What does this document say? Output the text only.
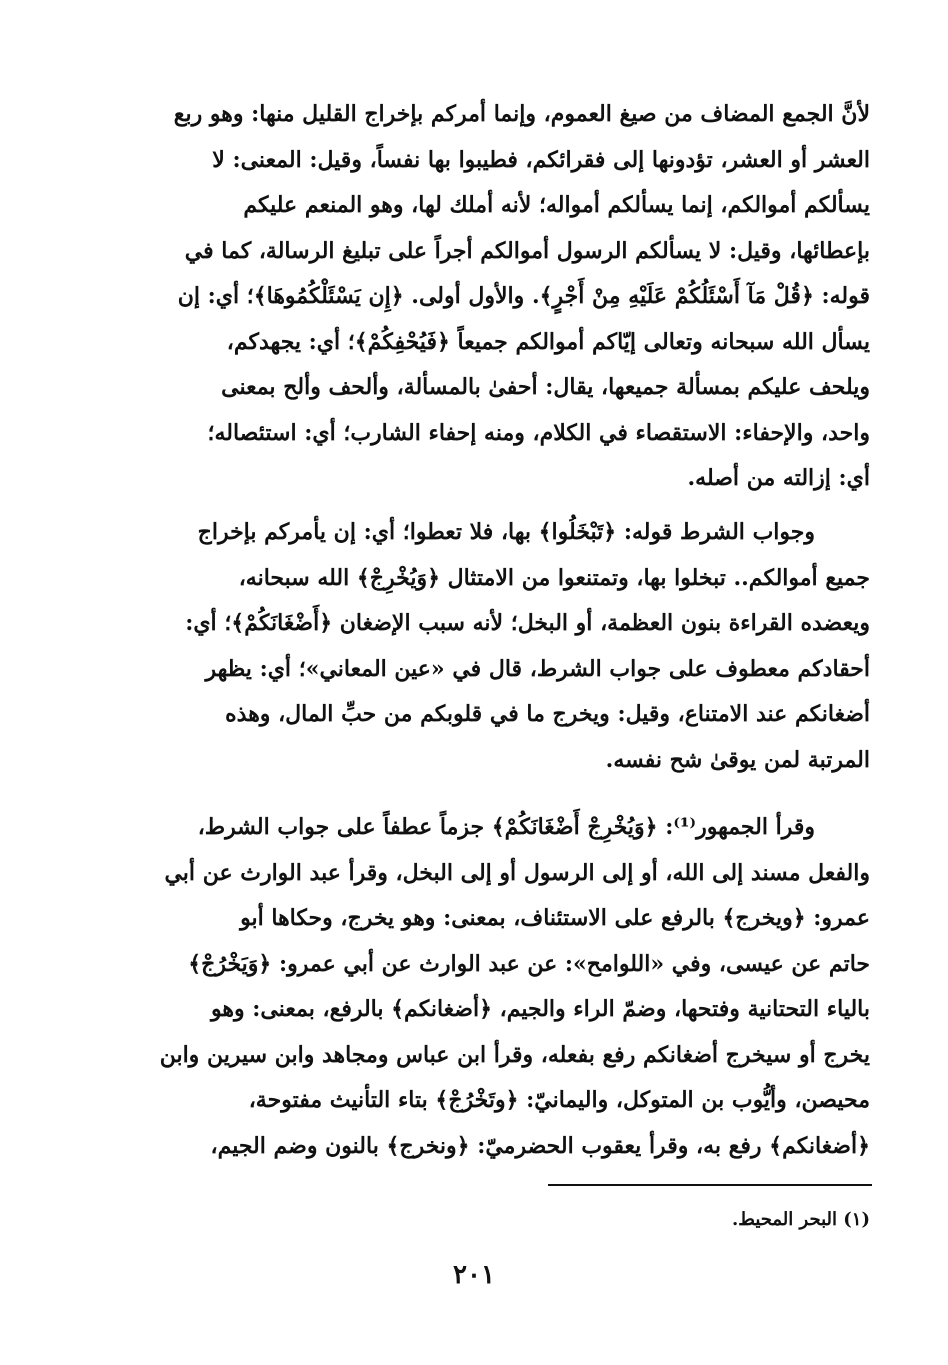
لأنَّ الجمع المضاف من صيغ العموم، وإنما أمركم بإخراج القليل منها: وهو ربع
العشر أو العشر، تؤدونها إلى فقرائكم، فطيبوا بها نفساً، وقيل: المعنى: لا
يسألكم أموالكم، إنما يسألكم أمواله؛ لأنه أملك لها، وهو المنعم عليكم
بإعطائها، وقيل: لا يسألكم الرسول أموالكم أجراً على تبليغ الرسالة، كما في
قوله: ﴿قُلْ مَآ أَسْئَلُكُمْ عَلَيْهِ مِنْ أَجْرٍ﴾. والأول أولى. ﴿إِن يَسْئَلْكُمُوهَا﴾؛ أي: إن
يسأل الله سبحانه وتعالى إيّاكم أموالكم جميعاً ﴿فَيُحْفِكُمْ﴾؛ أي: يجهدكم،
ويلحف عليكم بمسألة جميعها، يقال: أحفىٰ بالمسألة، وألحف وألح بمعنى
واحد، والإحفاء: الاستقصاء في الكلام، ومنه إحفاء الشارب؛ أي: استئصاله؛
أي: إزالته من أصله.

وجواب الشرط قوله: ﴿تَبْخَلُوا﴾ بها، فلا تعطوا؛ أي: إن يأمركم بإخراج
جميع أموالكم.. تبخلوا بها، وتمتنعوا من الامتثال ﴿وَيُخْرِجْ﴾ الله سبحانه،
ويعضده القراءة بنون العظمة، أو البخل؛ لأنه سبب الإضغان ﴿أَضْغَانَكُمْ﴾؛ أي:
أحقادكم معطوف على جواب الشرط، قال في «عين المعاني»؛ أي: يظهر
أضغانكم عند الامتناع، وقيل: ويخرج ما في قلوبكم من حبِّ المال، وهذه
المرتبة لمن يوقىٰ شح نفسه.

وقرأ الجمهور⁽¹⁾: ﴿وَيُخْرِجْ أَضْغَانَكُمْ﴾ جزماً عطفاً على جواب الشرط،
والفعل مسند إلى الله، أو إلى الرسول أو إلى البخل، وقرأ عبد الوارث عن أبي
عمرو: ﴿ويخرج﴾ بالرفع على الاستئناف، بمعنى: وهو يخرج، وحكاها أبو
حاتم عن عيسى، وفي «اللوامح»: عن عبد الوارث عن أبي عمرو: ﴿وَيَخْرُجْ﴾
بالياء التحتانية وفتحها، وضمّ الراء والجيم، ﴿أضغانكم﴾ بالرفع، بمعنى: وهو
يخرج أو سيخرج أضغانكم رفع بفعله، وقرأ ابن عباس ومجاهد وابن سيرين وابن
محيصن، وأيُّوب بن المتوكل، واليمانيّ: ﴿وتَخْرُجْ﴾ بتاء التأنيث مفتوحة،
﴿أضغانكم﴾ رفع به، وقرأ يعقوب الحضرميّ: ﴿ونخرج﴾ بالنون وضم الجيم،

(١) البحر المحيط.
٢٠١
